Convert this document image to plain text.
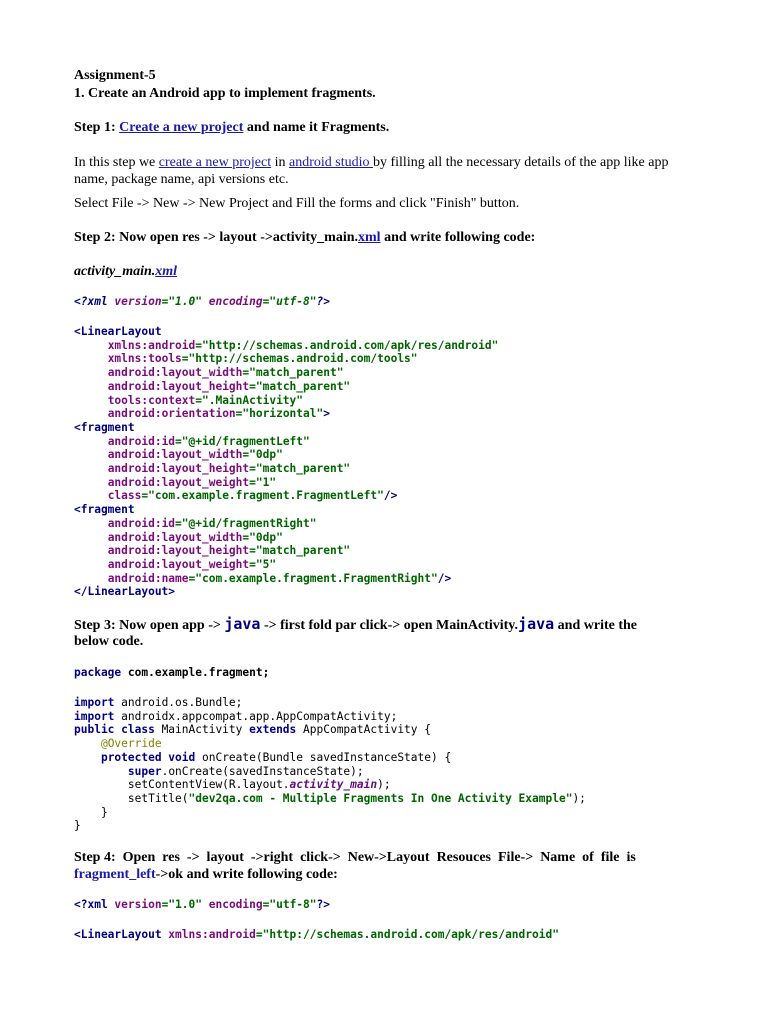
Assignment-5
1. Create an Android app to implement fragments.
Step 1: Create a new project and name it Fragments.
In this step we create a new project in android studio by filling all the necessary details of the app like app name, package name, api versions etc.
Select File -> New -> New Project and Fill the forms and click "Finish" button.
Step 2: Now open res -> layout ->activity_main.xml and write following code:
activity_main.xml
<?xml version="1.0" encoding="utf-8"?>
<LinearLayout
xmlns:android="http://schemas.android.com/apk/res/android"
xmlns:tools="http://schemas.android.com/tools"
android:layout_width="match_parent"
android:layout_height="match_parent"
tools:context=".MainActivity"
android:orientation="horizontal">
<fragment
android:id="@+id/fragmentLeft"
android:layout_width="0dp"
android:layout_height="match_parent"
android:layout_weight="1"
class="com.example.fragment.FragmentLeft"/>
<fragment
android:id="@+id/fragmentRight"
android:layout_width="0dp"
android:layout_height="match_parent"
android:layout_weight="5"
android:name="com.example.fragment.FragmentRight"/>
</LinearLayout>
Step 3: Now open app -> java -> first fold par click-> open MainActivity.java and write the
below code.
package com.example.fragment;
import android.os.Bundle;
import androidx.appcompat.app.AppCompatActivity;
public class MainActivity extends AppCompatActivity {
@Override
protected void onCreate(Bundle savedInstanceState) {
super.onCreate(savedInstanceState);
setContentView(R.layout.activity_main);
setTitle("dev2qa.com - Multiple Fragments In One Activity Example");
}
}
Step 4:  Open  res  ->  layout  ->right  click->  New->Layout  Resouces  File->  Name  of  file  is
fragment_left->ok and write following code:
<?xml version="1.0" encoding="utf-8"?>
<LinearLayout xmlns:android="http://schemas.android.com/apk/res/android"
